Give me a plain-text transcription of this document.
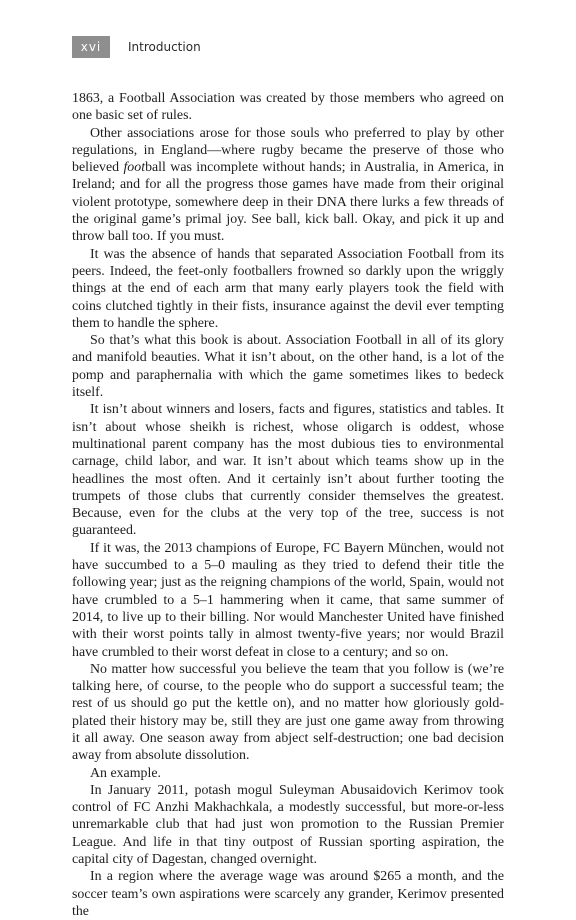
xvi	Introduction

1863, a Football Association was created by those members who agreed on one basic set of rules.

Other associations arose for those souls who preferred to play by other regulations, in England—where rugby became the preserve of those who believed football was incomplete without hands; in Australia, in America, in Ireland; and for all the progress those games have made from their original violent prototype, somewhere deep in their DNA there lurks a few threads of the original game’s primal joy. See ball, kick ball. Okay, and pick it up and throw ball too. If you must.

It was the absence of hands that separated Association Football from its peers. Indeed, the feet-only footballers frowned so darkly upon the wriggly things at the end of each arm that many early players took the field with coins clutched tightly in their fists, insurance against the devil ever tempting them to handle the sphere.

So that’s what this book is about. Association Football in all of its glory and manifold beauties. What it isn’t about, on the other hand, is a lot of the pomp and paraphernalia with which the game sometimes likes to bedeck itself.

It isn’t about winners and losers, facts and figures, statistics and tables. It isn’t about whose sheikh is richest, whose oligarch is oddest, whose multinational parent company has the most dubious ties to environmental carnage, child labor, and war. It isn’t about which teams show up in the headlines the most often. And it certainly isn’t about further tooting the trumpets of those clubs that currently consider themselves the greatest. Because, even for the clubs at the very top of the tree, success is not guaranteed.

If it was, the 2013 champions of Europe, FC Bayern München, would not have succumbed to a 5–0 mauling as they tried to defend their title the following year; just as the reigning champions of the world, Spain, would not have crumbled to a 5–1 hammering when it came, that same summer of 2014, to live up to their billing. Nor would Manchester United have finished with their worst points tally in almost twenty-five years; nor would Brazil have crumbled to their worst defeat in close to a century; and so on.

No matter how successful you believe the team that you follow is (we’re talking here, of course, to the people who do support a successful team; the rest of us should go put the kettle on), and no matter how gloriously gold-plated their history may be, still they are just one game away from throwing it all away. One season away from abject self-destruction; one bad decision away from absolute dissolution.

An example.

In January 2011, potash mogul Suleyman Abusaidovich Kerimov took control of FC Anzhi Makhachkala, a modestly successful, but more-or-less unremarkable club that had just won promotion to the Russian Premier League. And life in that tiny outpost of Russian sporting aspiration, the capital city of Dagestan, changed overnight.

In a region where the average wage was around $265 a month, and the soccer team’s own aspirations were scarcely any grander, Kerimov presented the
